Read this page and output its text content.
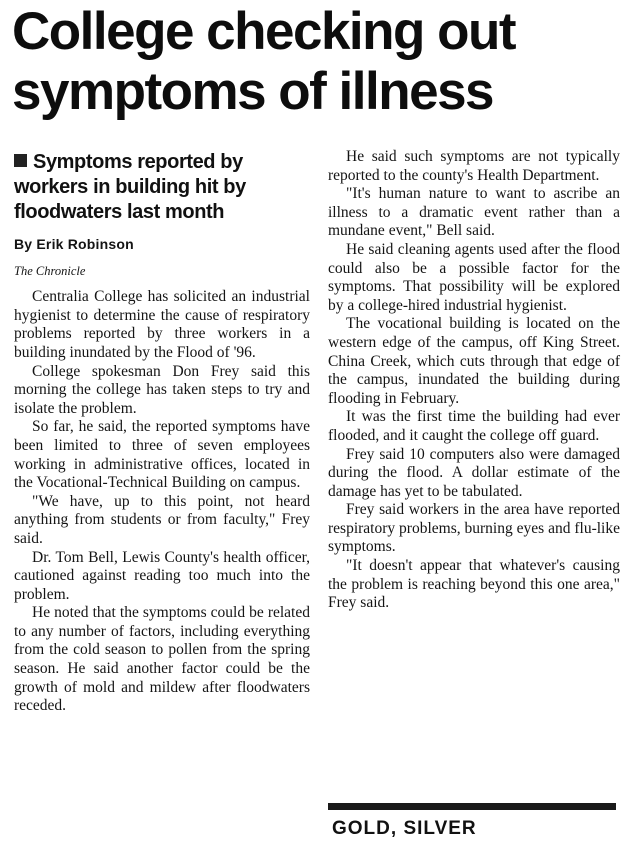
College checking out symptoms of illness
Symptoms reported by workers in building hit by floodwaters last month
By Erik Robinson
The Chronicle

Centralia College has solicited an industrial hygienist to determine the cause of respiratory problems reported by three workers in a building inundated by the Flood of '96.

College spokesman Don Frey said this morning the college has taken steps to try and isolate the problem.

So far, he said, the reported symptoms have been limited to three of seven employees working in administrative offices, located in the Vocational-Technical Building on campus.

"We have, up to this point, not heard anything from students or from faculty," Frey said.

Dr. Tom Bell, Lewis County's health officer, cautioned against reading too much into the problem.

He noted that the symptoms could be related to any number of factors, including everything from the cold season to pollen from the spring season. He said another factor could be the growth of mold and mildew after floodwaters receded.

He said such symptoms are not typically reported to the county's Health Department.

"It's human nature to want to ascribe an illness to a dramatic event rather than a mundane event," Bell said.

He said cleaning agents used after the flood could also be a possible factor for the symptoms. That possibility will be explored by a college-hired industrial hygienist.

The vocational building is located on the western edge of the campus, off King Street. China Creek, which cuts through that edge of the campus, inundated the building during flooding in February.

It was the first time the building had ever flooded, and it caught the college off guard.

Frey said 10 computers also were damaged during the flood. A dollar estimate of the damage has yet to be tabulated.

Frey said workers in the area have reported respiratory problems, burning eyes and flu-like symptoms.

"It doesn't appear that whatever's causing the problem is reaching beyond this one area," Frey said.

GOLD, SILVER
